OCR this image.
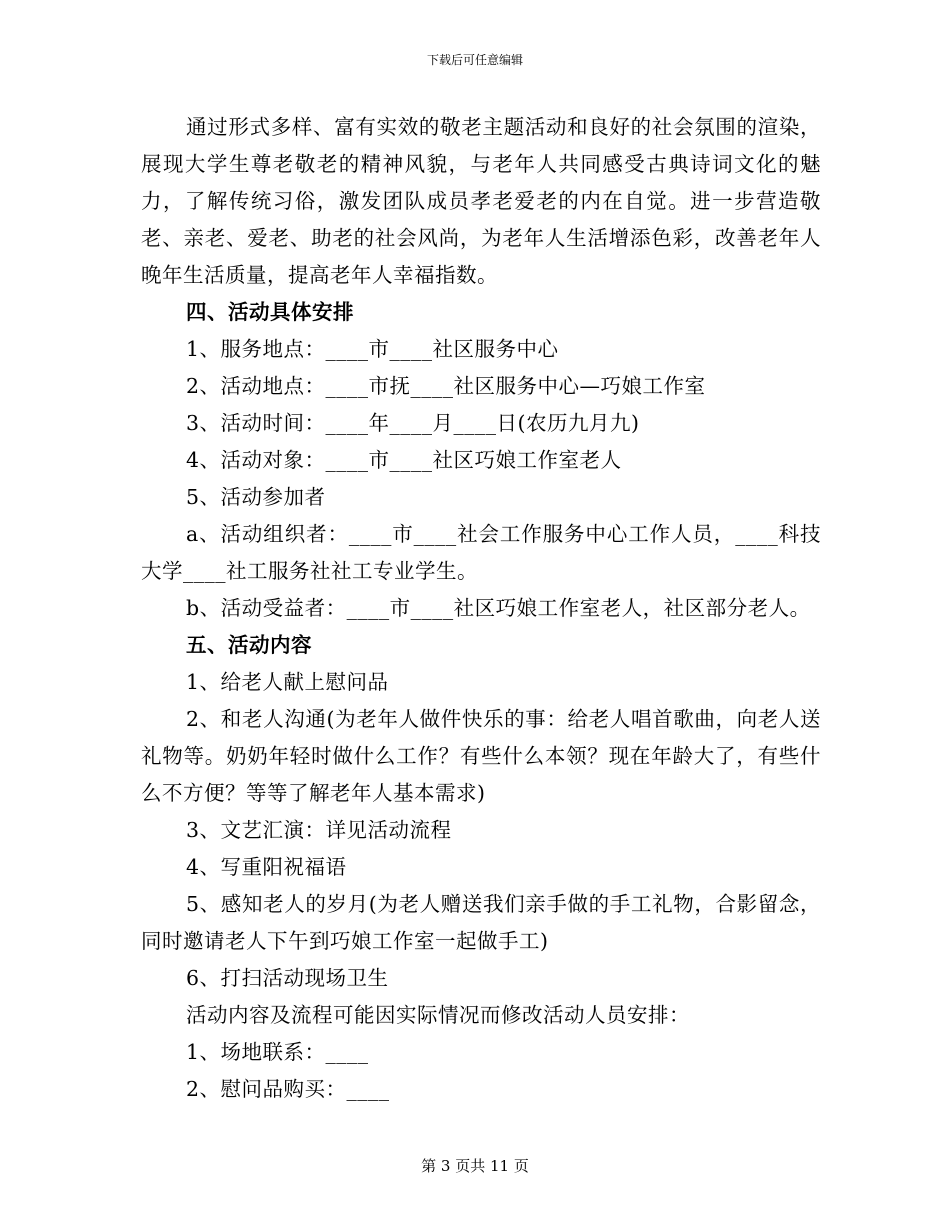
下载后可任意编辑

通过形式多样、富有实效的敬老主题活动和良好的社会氛围的渲染，展现大学生尊老敬老的精神风貌，与老年人共同感受古典诗词文化的魅力，了解传统习俗，激发团队成员孝老爱老的内在自觉。进一步营造敬老、亲老、爱老、助老的社会风尚，为老年人生活增添色彩，改善老年人晚年生活质量，提高老年人幸福指数。

四、活动具体安排

1、服务地点：____市____社区服务中心

2、活动地点：____市抚____社区服务中心—巧娘工作室

3、活动时间：____年____月____日(农历九月九)

4、活动对象：____市____社区巧娘工作室老人

5、活动参加者

a、活动组织者：____市____社会工作服务中心工作人员，____科技大学____社工服务社社工专业学生。

b、活动受益者：____市____社区巧娘工作室老人，社区部分老人。

五、活动内容

1、给老人献上慰问品

2、和老人沟通(为老年人做件快乐的事：给老人唱首歌曲，向老人送礼物等。奶奶年轻时做什么工作？有些什么本领？现在年龄大了，有些什么不方便？等等了解老年人基本需求)

3、文艺汇演：详见活动流程

4、写重阳祝福语

5、感知老人的岁月(为老人赠送我们亲手做的手工礼物，合影留念，同时邀请老人下午到巧娘工作室一起做手工)

6、打扫活动现场卫生

活动内容及流程可能因实际情况而修改活动人员安排：

1、场地联系：____

2、慰问品购买：____

第 3 页共 11 页
